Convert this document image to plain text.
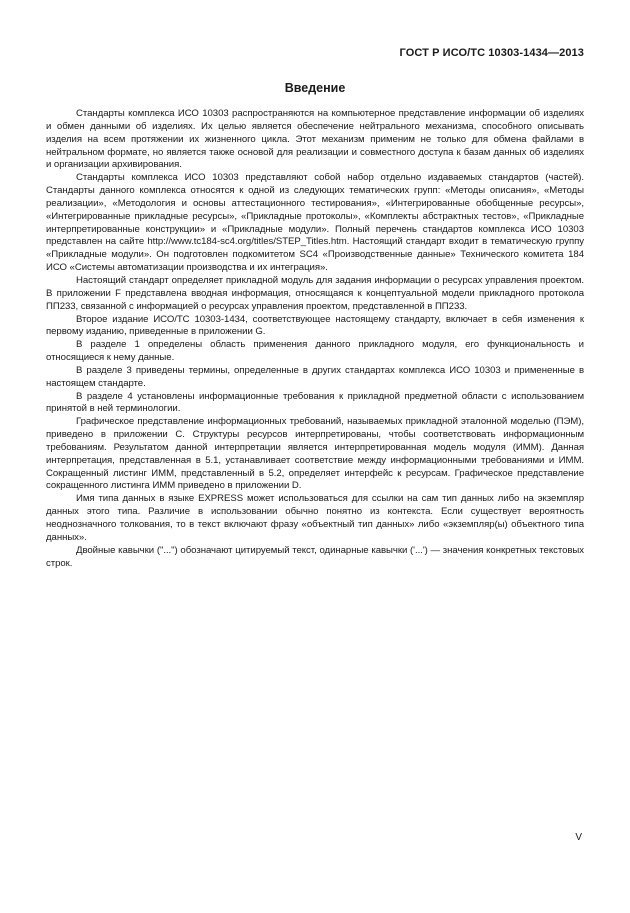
ГОСТ Р ИСО/ТС 10303-1434—2013
Введение

Стандарты комплекса ИСО 10303 распространяются на компьютерное представление информации об изделиях и обмен данными об изделиях. Их целью является обеспечение нейтрального механизма, способного описывать изделия на всем протяжении их жизненного цикла. Этот механизм применим не только для обмена файлами в нейтральном формате, но является также основой для реализации и совместного доступа к базам данных об изделиях и организации архивирования.

Стандарты комплекса ИСО 10303 представляют собой набор отдельно издаваемых стандартов (частей). Стандарты данного комплекса относятся к одной из следующих тематических групп: «Методы описания», «Методы реализации», «Методология и основы аттестационного тестирования», «Интегрированные обобщенные ресурсы», «Интегрированные прикладные ресурсы», «Прикладные протоколы», «Комплекты абстрактных тестов», «Прикладные интерпретированные конструкции» и «Прикладные модули». Полный перечень стандартов комплекса ИСО 10303 представлен на сайте http://www.tc184-sc4.org/titles/STEP_Titles.htm. Настоящий стандарт входит в тематическую группу «Прикладные модули». Он подготовлен подкомитетом SC4 «Производственные данные» Технического комитета 184 ИСО «Системы автоматизации производства и их интеграция».

Настоящий стандарт определяет прикладной модуль для задания информации о ресурсах управления проектом. В приложении F представлена вводная информация, относящаяся к концептуальной модели прикладного протокола ПП233, связанной с информацией о ресурсах управления проектом, представленной в ПП233.

Второе издание ИСО/ТС 10303-1434, соответствующее настоящему стандарту, включает в себя изменения к первому изданию, приведенные в приложении G.

В разделе 1 определены область применения данного прикладного модуля, его функциональность и относящиеся к нему данные.

В разделе 3 приведены термины, определенные в других стандартах комплекса ИСО 10303 и примененные в настоящем стандарте.

В разделе 4 установлены информационные требования к прикладной предметной области с использованием принятой в ней терминологии.

Графическое представление информационных требований, называемых прикладной эталонной моделью (ПЭМ), приведено в приложении С. Структуры ресурсов интерпретированы, чтобы соответствовать информационным требованиям. Результатом данной интерпретации является интерпретированная модель модуля (ИММ). Данная интерпретация, представленная в 5.1, устанавливает соответствие между информационными требованиями и ИММ. Сокращенный листинг ИММ, представленный в 5.2, определяет интерфейс к ресурсам. Графическое представление сокращенного листинга ИММ приведено в приложении D.

Имя типа данных в языке EXPRESS может использоваться для ссылки на сам тип данных либо на экземпляр данных этого типа. Различие в использовании обычно понятно из контекста. Если существует вероятность неоднозначного толкования, то в текст включают фразу «объектный тип данных» либо «экземпляр(ы) объектного типа данных».

Двойные кавычки ("...") обозначают цитируемый текст, одинарные кавычки ('...') — значения конкретных текстовых строк.

V
